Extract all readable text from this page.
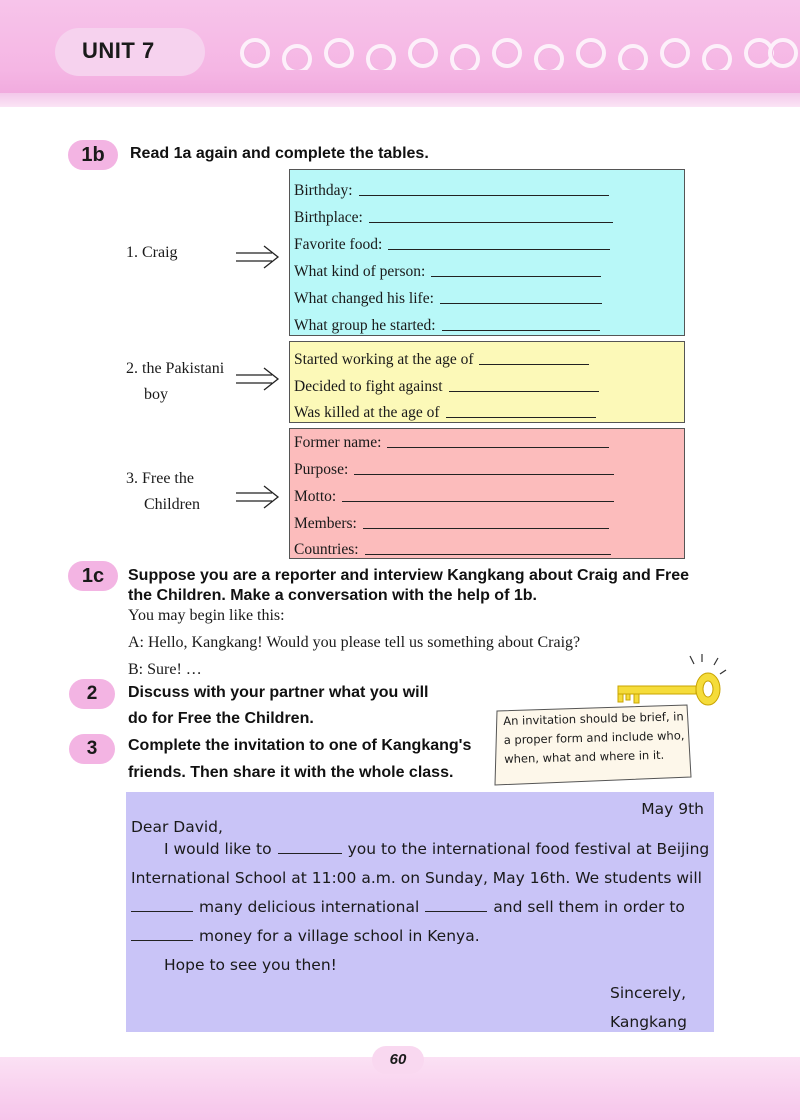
UNIT 7
1b	Read 1a again and complete the tables.
1. Craig
Birthday:
Birthplace:
Favorite food:
What kind of person:
What changed his life:
What group he started:
2. the Pakistani
boy
Started working at the age of
Decided to fight against
Was killed at the age of
3. Free the
Children
Former name:
Purpose:
Motto:
Members:
Countries:
1c	Suppose you are a reporter and interview Kangkang about Craig and Free
the Children. Make a conversation with the help of 1b.
You may begin like this:
A: Hello, Kangkang! Would you please tell us something about Craig?
B: Sure! …
2	Discuss with your partner what you will
do for Free the Children.
3	Complete the invitation to one of Kangkang's
friends. Then share it with the whole class.
An invitation should be brief, in
a proper form and include who,
when, what and where in it.
May 9th
Dear David,
I would like to	you to the international food festival at Beijing
International School at 11:00 a.m. on Sunday, May 16th. We students will
many delicious international	and sell them in order to
money for a village school in Kenya.
Hope to see you then!
Sincerely,
Kangkang
60
